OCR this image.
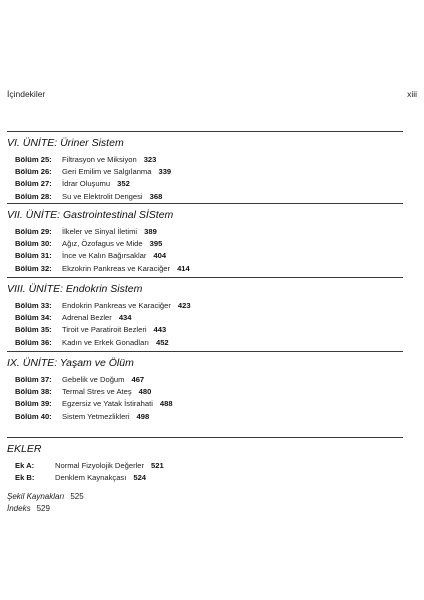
İçindekiler	xiii
VI. ÜNİTE: Üriner Sistem
Bölüm 25: Filtrasyon ve Miksiyon 323
Bölüm 26: Geri Emilim ve Salgılanma 339
Bölüm 27: İdrar Oluşumu 352
Bölüm 28: Su ve Elektrolit Dengesi 368
VII. ÜNİTE: Gastrointestinal SİStem
Bölüm 29: İlkeler ve Sinyal İletimi 389
Bölüm 30: Ağız, Özofagus ve Mide 395
Bölüm 31: İnce ve Kalın Bağırsaklar 404
Bölüm 32: Ekzokrin Pankreas ve Karaciğer 414
VIII. ÜNİTE: Endokrin Sistem
Bölüm 33: Endokrin Pankreas ve Karaciğer 423
Bölüm 34: Adrenal Bezler 434
Bölüm 35: Tiroit ve Paratiroit Bezleri 443
Bölüm 36: Kadın ve Erkek Gonadları 452
IX. ÜNİTE: Yaşam ve Ölüm
Bölüm 37: Gebelik ve Doğum 467
Bölüm 38: Termal Stres ve Ateş 480
Bölüm 39: Egzersiz ve Yatak İstirahati 488
Bölüm 40: Sistem Yetmezlikleri 498
EKLER
Ek A:	Normal Fizyolojik Değerler 521
Ek B:	Denklem Kaynakçası 524
Şekil Kaynakları 525
İndeks 529
